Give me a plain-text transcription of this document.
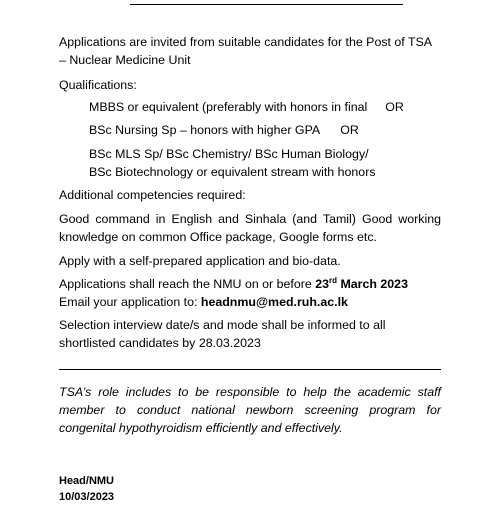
Applications are invited from suitable candidates for the Post of TSA – Nuclear Medicine Unit

Qualifications:

MBBS or equivalent (preferably with honors in final OR

BSc Nursing Sp – honors with higher GPA OR

BSc MLS Sp/ BSc Chemistry/ BSc Human Biology/ BSc Biotechnology or equivalent stream with honors

Additional competencies required:

Good command in English and Sinhala (and Tamil) Good working knowledge on common Office package, Google forms etc.

Apply with a self-prepared application and bio-data.

Applications shall reach the NMU on or before 23rd March 2023 Email your application to: headnmu@med.ruh.ac.lk

Selection interview date/s and mode shall be informed to all shortlisted candidates by 28.03.2023

TSA’s role includes to be responsible to help the academic staff member to conduct national newborn screening program for congenital hypothyroidism efficiently and effectively.

Head/NMU
10/03/2023
